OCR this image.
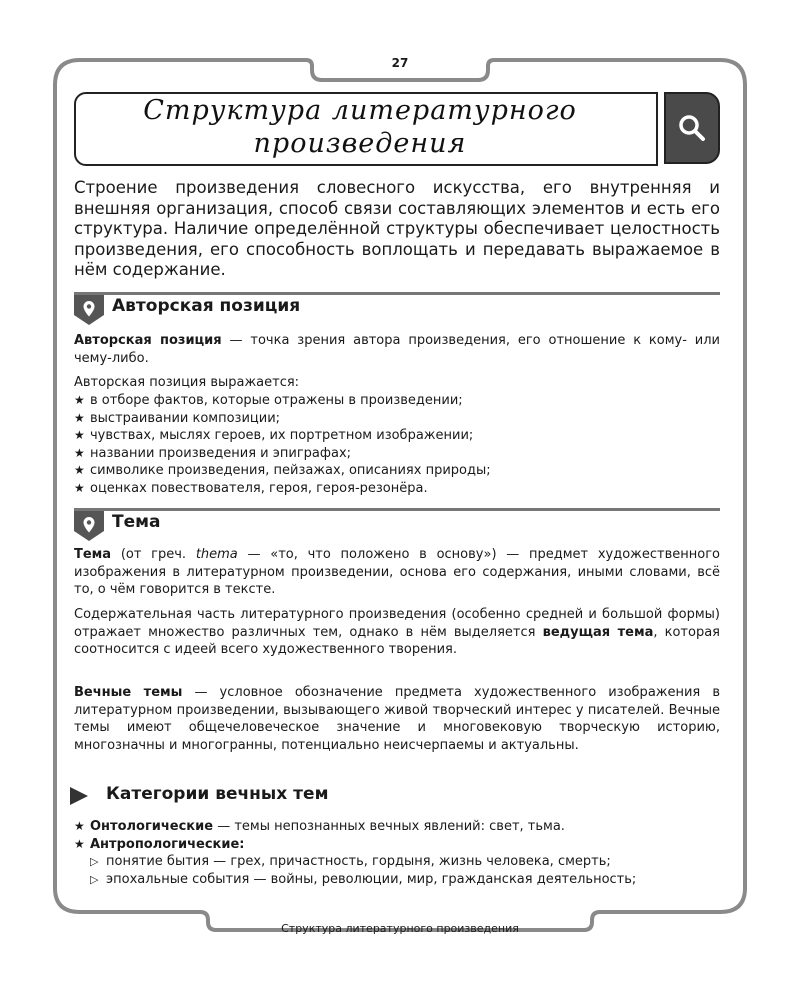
27
Структура литературного
произведения
Строение произведения словесного искусства, его внутренняя и внешняя организация, способ связи составляющих элементов и есть его структура. Наличие определённой структуры обеспечивает целостность произведения, его способность воплощать и передавать выражаемое в нём содержание.
Авторская позиция
Авторская позиция — точка зрения автора произведения, его отношение к кому- или чему-либо.
Авторская позиция выражается:
★ в отборе фактов, которые отражены в произведении;
★ выстраивании композиции;
★ чувствах, мыслях героев, их портретном изображении;
★ названии произведения и эпиграфах;
★ символике произведения, пейзажах, описаниях природы;
★ оценках повествователя, героя, героя-резонёра.
Тема
Тема (от греч. thema — «то, что положено в основу») — предмет художественного изображения в литературном произведении, основа его содержания, иными словами, всё то, о чём говорится в тексте.
Содержательная часть литературного произведения (особенно средней и большой формы) отражает множество различных тем, однако в нём выделяется ведущая тема, которая соотносится с идеей всего художественного творения.
Вечные темы — условное обозначение предмета художественного изображения в литературном произведении, вызывающего живой творческий интерес у писателей. Вечные темы имеют общечеловеческое значение и многовековую творческую историю, многозначны и многогранны, потенциально неисчерпаемы и актуальны.
Категории вечных тем
★ Онтологические — темы непознанных вечных явлений: свет, тьма.
★ Антропологические:
▷ понятие бытия — грех, причастность, гордыня, жизнь человека, смерть;
▷ эпохальные события — войны, революции, мир, гражданская деятельность;
Структура литературного произведения
